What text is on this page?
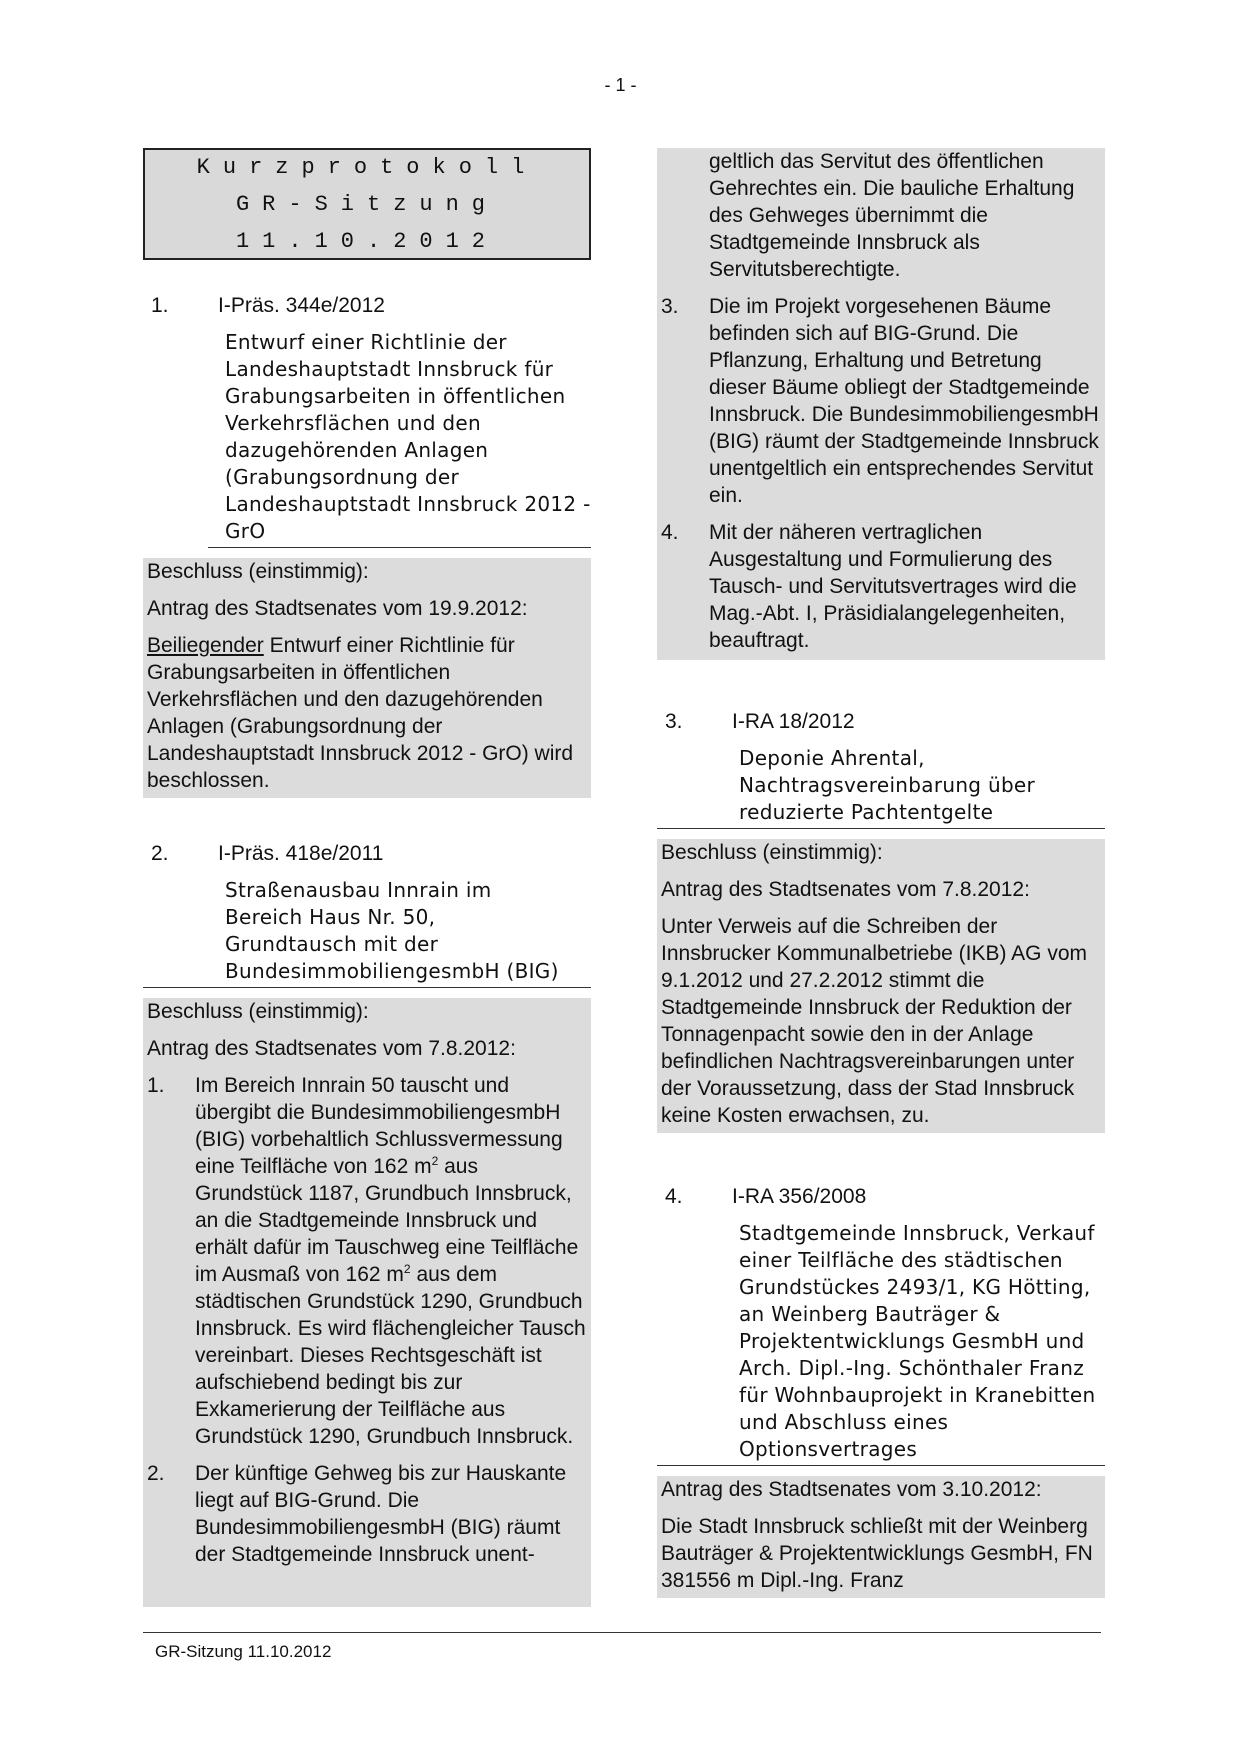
- 1 -
Kurzprotokoll
GR-Sitzung
11.10.2012
1.	I-Präs. 344e/2012
Entwurf einer Richtlinie der Landeshauptstadt Innsbruck für Grabungsarbeiten in öffentlichen Verkehrsflächen und den dazugehörenden Anlagen (Grabungsordnung der Landeshauptstadt Innsbruck 2012 - GrO

Beschluss (einstimmig):

Antrag des Stadtsenates vom 19.9.2012:

Beiliegender Entwurf einer Richtlinie für Grabungsarbeiten in öffentlichen Verkehrsflächen und den dazugehörenden Anlagen (Grabungsordnung der Landeshauptstadt Innsbruck 2012 - GrO) wird beschlossen.

2.	I-Präs. 418e/2011
Straßenausbau Innrain im Bereich Haus Nr. 50, Grundtausch mit der BundesimmobiliengesmbH (BIG)

Beschluss (einstimmig):

Antrag des Stadtsenates vom 7.8.2012:

1.	Im Bereich Innrain 50 tauscht und übergibt die BundesimmobiliengesmbH (BIG) vorbehaltlich Schlussvermessung eine Teilfläche von 162 $m^2$ aus Grundstück 1187, Grundbuch Innsbruck, an die Stadtgemeinde Innsbruck und erhält dafür im Tauschweg eine Teilfläche im Ausmaß von 162 $m^2$ aus dem städtischen Grundstück 1290, Grundbuch Innsbruck. Es wird flächengleicher Tausch vereinbart. Dieses Rechtsgeschäft ist aufschiebend bedingt bis zur Exkamerierung der Teilfläche aus Grundstück 1290, Grundbuch Innsbruck.
2.	Der künftige Gehweg bis zur Hauskante liegt auf BIG-Grund. Die BundesimmobiliengesmbH (BIG) räumt der Stadtgemeinde Innsbruck unent-

geltlich das Servitut des öffentlichen Gehrechtes ein. Die bauliche Erhaltung des Gehweges übernimmt die Stadtgemeinde Innsbruck als Servitutsberechtigte.

3.	Die im Projekt vorgesehenen Bäume befinden sich auf BIG-Grund. Die Pflanzung, Erhaltung und Betretung dieser Bäume obliegt der Stadtgemeinde Innsbruck. Die BundesimmobiliengesmbH (BIG) räumt der Stadtgemeinde Innsbruck unentgeltlich ein entsprechendes Servitut ein.
4.	Mit der näheren vertraglichen Ausgestaltung und Formulierung des Tausch- und Servitutsvertrages wird die Mag.-Abt. I, Präsidialangelegenheiten, beauftragt.
3.	I-RA 18/2012
Deponie Ahrental, Nachtragsvereinbarung über reduzierte Pachtentgelte

Beschluss (einstimmig):

Antrag des Stadtsenates vom 7.8.2012:

Unter Verweis auf die Schreiben der Innsbrucker Kommunalbetriebe (IKB) AG vom 9.1.2012 und 27.2.2012 stimmt die Stadtgemeinde Innsbruck der Reduktion der Tonnagenpacht sowie den in der Anlage befindlichen Nachtragsvereinbarungen unter der Voraussetzung, dass der Stad Innsbruck keine Kosten erwachsen, zu.

4.	I-RA 356/2008
Stadtgemeinde Innsbruck, Verkauf einer Teilfläche des städtischen Grundstückes 2493/1, KG Hötting, an Weinberg Bauträger & Projektentwicklungs GesmbH und Arch. Dipl.-Ing. Schönthaler Franz für Wohnbauprojekt in Kranebitten und Abschluss eines Optionsvertrages

Antrag des Stadtsenates vom 3.10.2012:

Die Stadt Innsbruck schließt mit der Weinberg Bauträger & Projektentwicklungs GesmbH, FN 381556 m Dipl.-Ing. Franz

GR-Sitzung 11.10.2012
